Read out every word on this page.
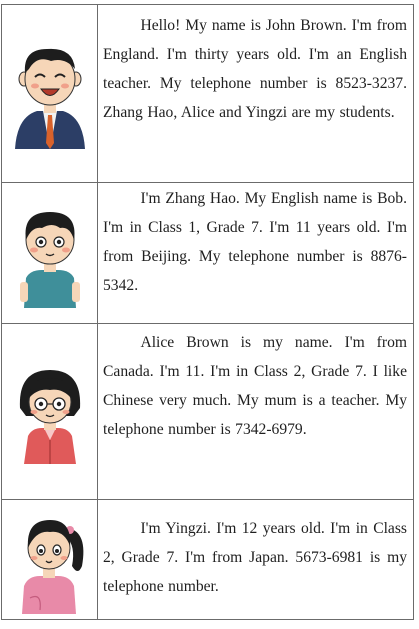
Hello! My name is John Brown. I'm from England. I'm thirty years old. I'm an English teacher. My telephone number is 8523-3237. Zhang Hao, Alice and Yingzi are my students.
I'm Zhang Hao. My English name is Bob. I'm in Class 1, Grade 7. I'm 11 years old. I'm from Beijing. My telephone number is 8876-5342.
Alice Brown is my name. I'm from Canada. I'm 11. I'm in Class 2, Grade 7. I like Chinese very much. My mum is a teacher. My telephone number is 7342-6979.
I'm Yingzi. I'm 12 years old. I'm in Class 2, Grade 7. I'm from Japan. 5673-6981 is my telephone number.
